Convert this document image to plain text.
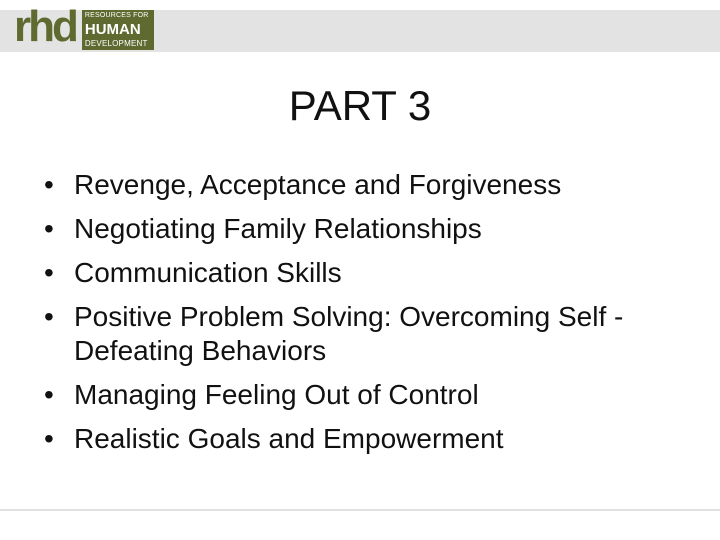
rhd RESOURCES FOR
HUMAN
DEVELOPMENT
PART 3
• Revenge, Acceptance and Forgiveness
• Negotiating Family Relationships
• Communication Skills
• Positive Problem Solving: Overcoming Self -Defeating Behaviors
• Managing Feeling Out of Control
• Realistic Goals and Empowerment
